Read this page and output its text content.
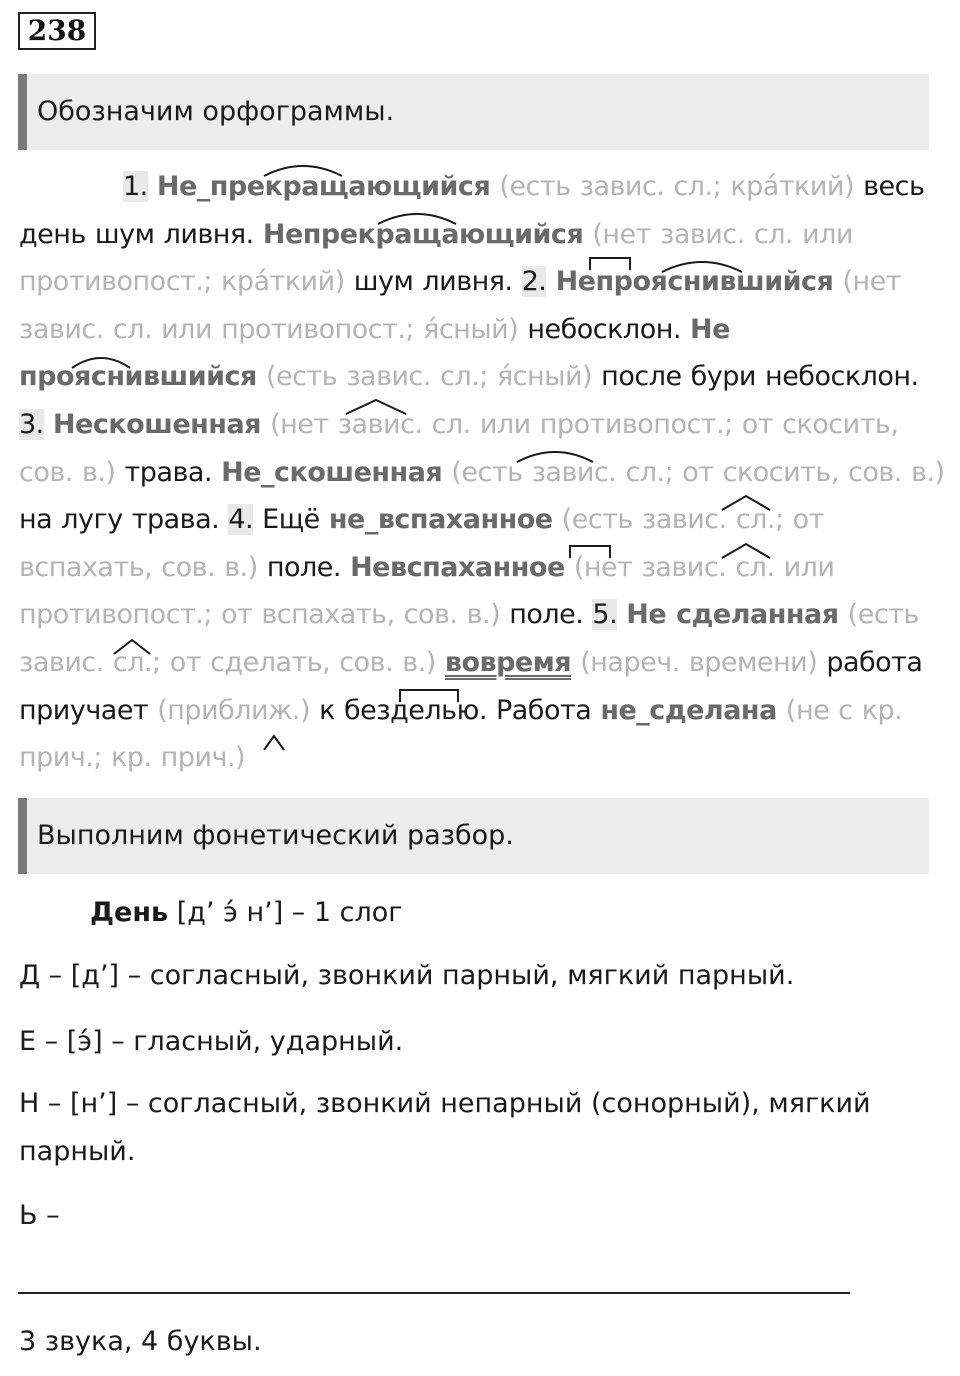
238
Обозначим орфограммы.
1. Не_прекращающийся (есть завис. сл.; кра́ткий) весь день шум ливня. Непрекращающийся (нет завис. сл. или противопост.; кра́ткий) шум ливня. 2. Непрояснившийся (нет завис. сл. или противопост.; я́сный) небосклон. Не прояснившийся (есть завис. сл.; я́сный) после бури небосклон. 3. Нескошенная (нет завис. сл. или противопост.; от скосить, сов. в.) трава. Не_скошенная (есть завис. сл.; от скосить, сов. в.) на лугу трава. 4. Ещё не_вспаханное (есть завис. сл.; от вспахать, сов. в.) поле. Невспаханное (нет завис. сл. или противопост.; от вспахать, сов. в.) поле. 5. Не сделанная (есть завис. сл.; от сделать, сов. в.) вовремя (нареч. времени) работа приучает (приближ.) к безделью. Работа не_сделана (не с кр. прич.; кр. прич.)
Выполним фонетический разбор.
День [д’ э́ н’] – 1 слог
Д – [д’] – согласный, звонкий парный, мягкий парный.
Е – [э́] – гласный, ударный.
Н – [н’] – согласный, звонкий непарный (сонорный), мягкий парный.
Ь –
3 звука, 4 буквы.
